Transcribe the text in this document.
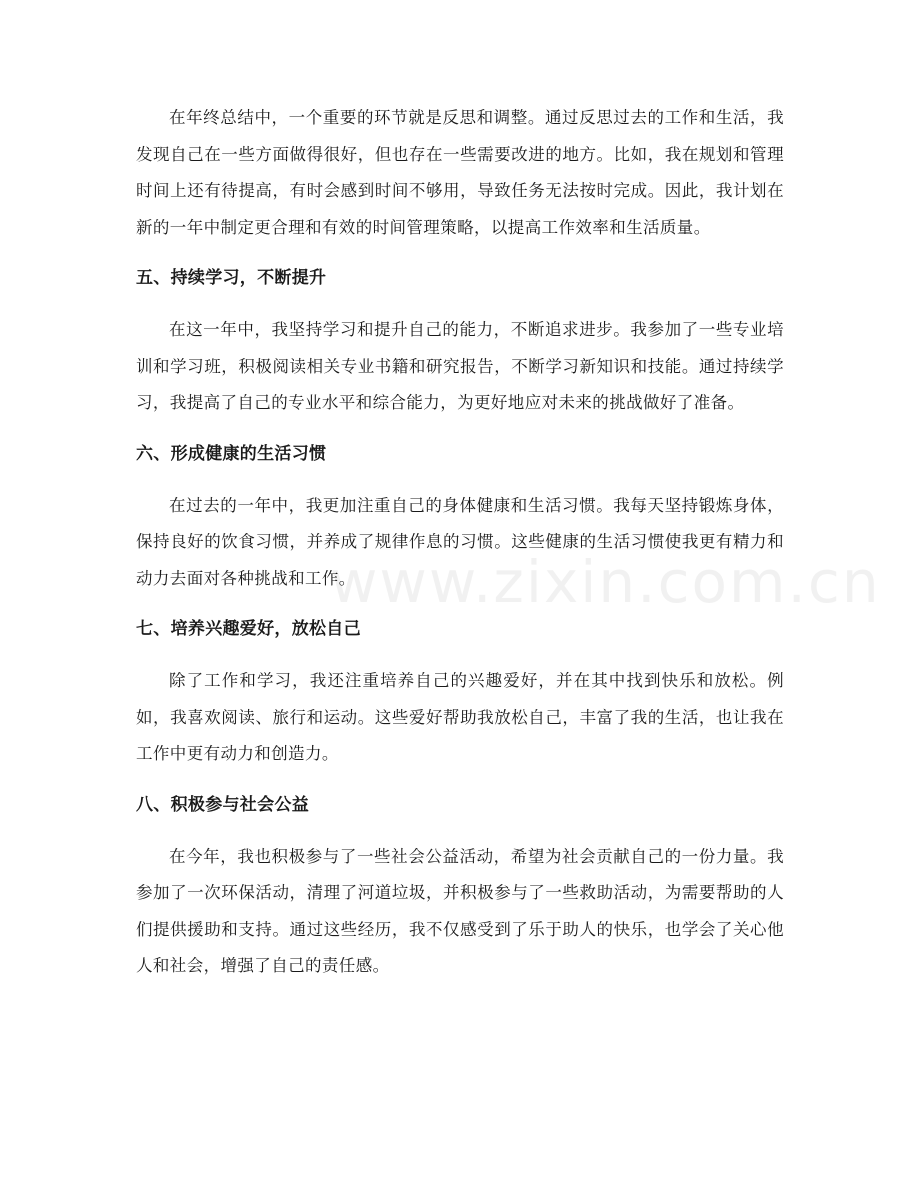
www.zixin.com.cn

在年终总结中，一个重要的环节就是反思和调整。通过反思过去的工作和生活，我发现自己在一些方面做得很好，但也存在一些需要改进的地方。比如，我在规划和管理时间上还有待提高，有时会感到时间不够用，导致任务无法按时完成。因此，我计划在新的一年中制定更合理和有效的时间管理策略，以提高工作效率和生活质量。

五、持续学习，不断提升

在这一年中，我坚持学习和提升自己的能力，不断追求进步。我参加了一些专业培训和学习班，积极阅读相关专业书籍和研究报告，不断学习新知识和技能。通过持续学习，我提高了自己的专业水平和综合能力，为更好地应对未来的挑战做好了准备。

六、形成健康的生活习惯

在过去的一年中，我更加注重自己的身体健康和生活习惯。我每天坚持锻炼身体，保持良好的饮食习惯，并养成了规律作息的习惯。这些健康的生活习惯使我更有精力和动力去面对各种挑战和工作。

七、培养兴趣爱好，放松自己

除了工作和学习，我还注重培养自己的兴趣爱好，并在其中找到快乐和放松。例如，我喜欢阅读、旅行和运动。这些爱好帮助我放松自己，丰富了我的生活，也让我在工作中更有动力和创造力。

八、积极参与社会公益

在今年，我也积极参与了一些社会公益活动，希望为社会贡献自己的一份力量。我参加了一次环保活动，清理了河道垃圾，并积极参与了一些救助活动，为需要帮助的人们提供援助和支持。通过这些经历，我不仅感受到了乐于助人的快乐，也学会了关心他人和社会，增强了自己的责任感。
